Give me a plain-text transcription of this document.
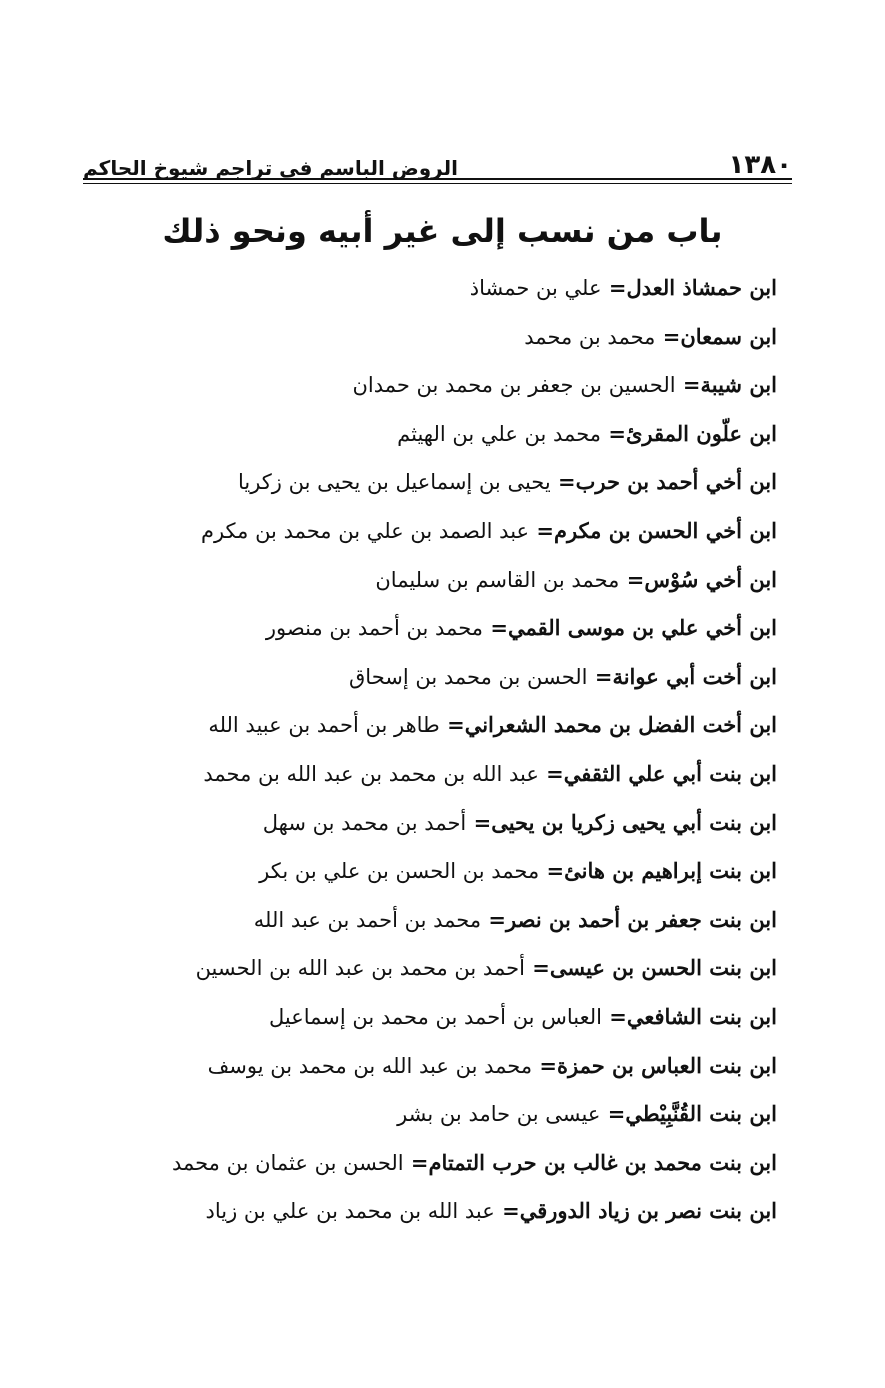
الروض الباسم في تراجم شيوخ الحاكم	١٣٨٠
باب من نسب إلى غير أبيه ونحو ذلك
ابن حمشاذ العدل= علي بن حمشاذ
ابن سمعان= محمد بن محمد
ابن شيبة= الحسين بن جعفر بن محمد بن حمدان
ابن علّون المقرئ= محمد بن علي بن الهيثم
ابن أخي أحمد بن حرب= يحيى بن إسماعيل بن يحيى بن زكريا
ابن أخي الحسن بن مكرم= عبد الصمد بن علي بن محمد بن مكرم
ابن أخي سُوْس= محمد بن القاسم بن سليمان
ابن أخي علي بن موسى القمي= محمد بن أحمد بن منصور
ابن أخت أبي عوانة= الحسن بن محمد بن إسحاق
ابن أخت الفضل بن محمد الشعراني= طاهر بن أحمد بن عبيد الله
ابن بنت أبي علي الثقفي= عبد الله بن محمد بن عبد الله بن محمد
ابن بنت أبي يحيى زكريا بن يحيى= أحمد بن محمد بن سهل
ابن بنت إبراهيم بن هانئ= محمد بن الحسن بن علي بن بكر
ابن بنت جعفر بن أحمد بن نصر= محمد بن أحمد بن عبد الله
ابن بنت الحسن بن عيسى= أحمد بن محمد بن عبد الله بن الحسين
ابن بنت الشافعي= العباس بن أحمد بن محمد بن إسماعيل
ابن بنت العباس بن حمزة= محمد بن عبد الله بن محمد بن يوسف
ابن بنت القُنَّبِيْطي= عيسى بن حامد بن بشر
ابن بنت محمد بن غالب بن حرب التمتام= الحسن بن عثمان بن محمد
ابن بنت نصر بن زياد الدورقي= عبد الله بن محمد بن علي بن زياد
